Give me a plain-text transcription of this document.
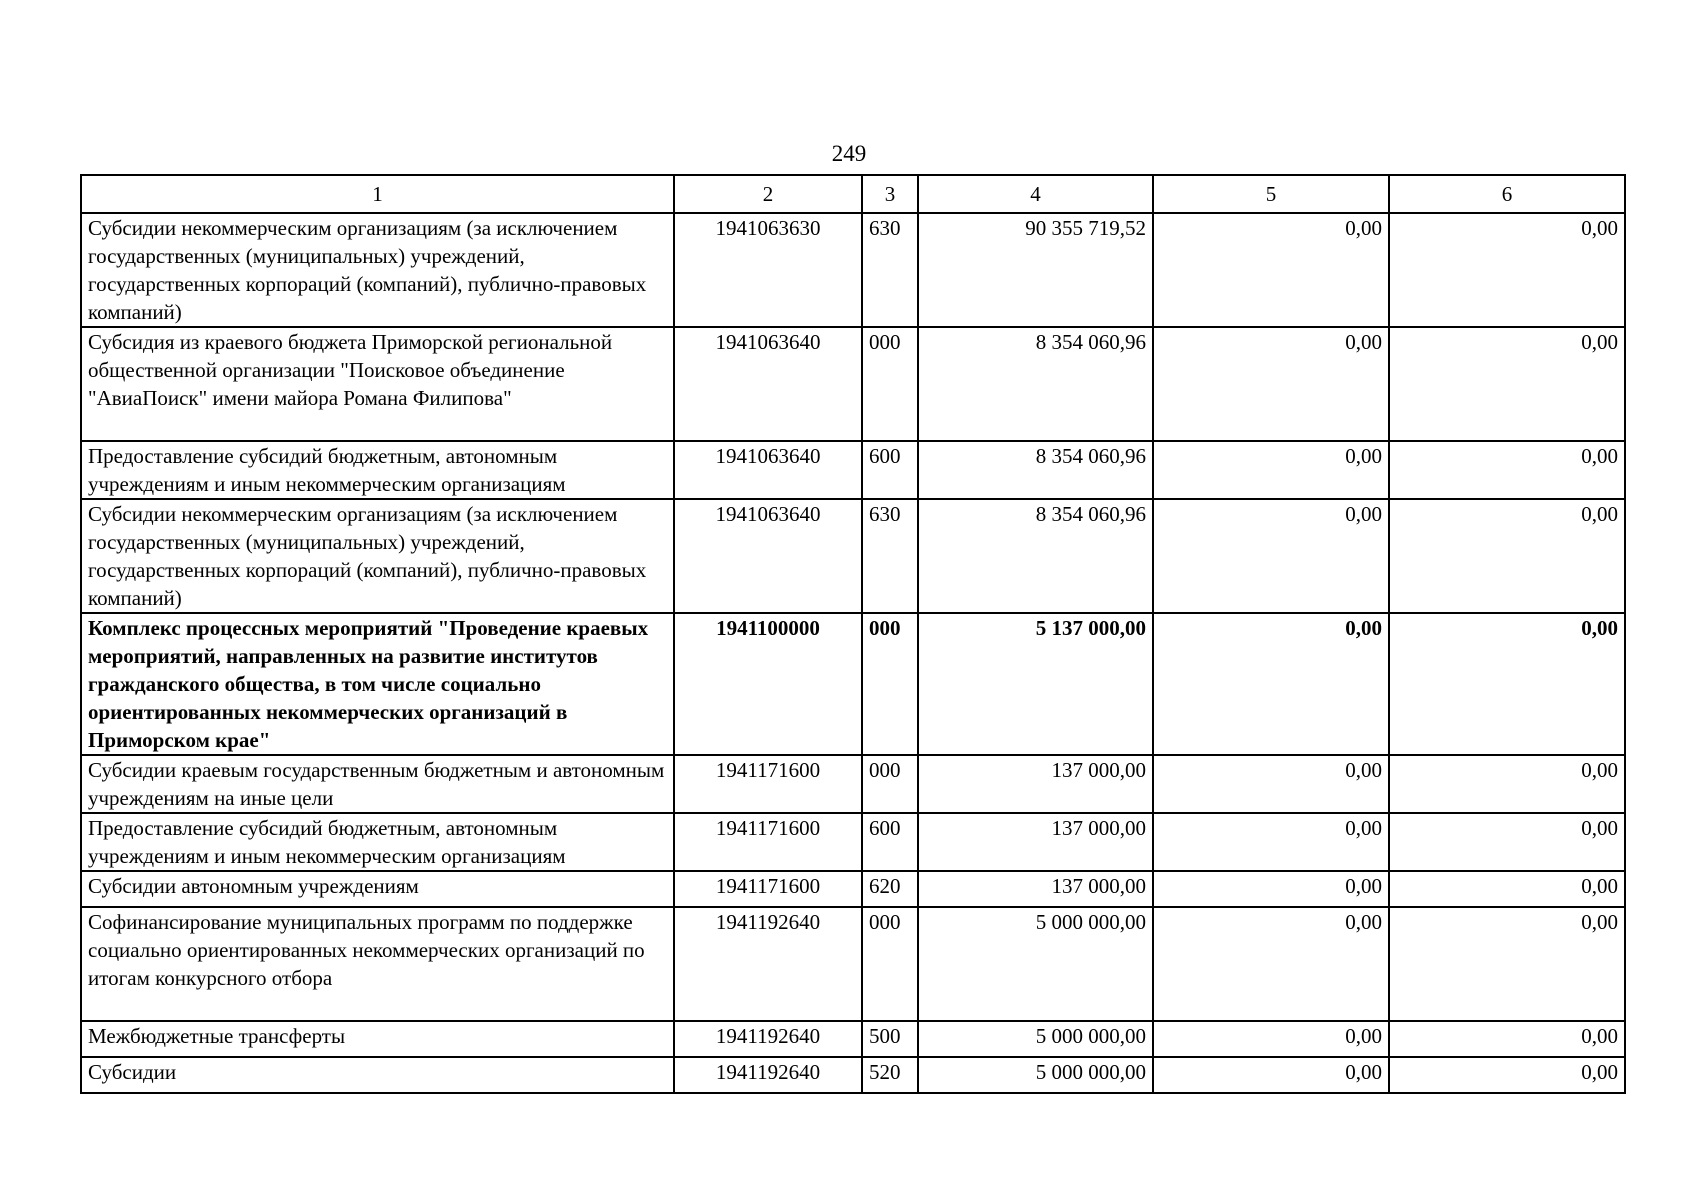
249
1	2	3	4	5	6
Субсидии некоммерческим организациям (за исключением государственных (муниципальных) учреждений, государственных корпораций (компаний), публично-правовых компаний)	1941063630	630	90 355 719,52	0,00	0,00
Субсидия из краевого бюджета Приморской региональной общественной организации "Поисковое объединение "АвиаПоиск" имени майора Романа Филипова"	1941063640	000	8 354 060,96	0,00	0,00
Предоставление субсидий бюджетным, автономным учреждениям и иным некоммерческим организациям	1941063640	600	8 354 060,96	0,00	0,00
Субсидии некоммерческим организациям (за исключением государственных (муниципальных) учреждений, государственных корпораций (компаний), публично-правовых компаний)	1941063640	630	8 354 060,96	0,00	0,00
Комплекс процессных мероприятий "Проведение краевых мероприятий, направленных на развитие институтов гражданского общества, в том числе социально ориентированных некоммерческих организаций в Приморском крае"	1941100000	000	5 137 000,00	0,00	0,00
Субсидии краевым государственным бюджетным и автономным учреждениям на иные цели	1941171600	000	137 000,00	0,00	0,00
Предоставление субсидий бюджетным, автономным учреждениям и иным некоммерческим организациям	1941171600	600	137 000,00	0,00	0,00
Субсидии автономным учреждениям	1941171600	620	137 000,00	0,00	0,00
Софинансирование муниципальных программ по поддержке социально ориентированных некоммерческих организаций по итогам конкурсного отбора	1941192640	000	5 000 000,00	0,00	0,00
Межбюджетные трансферты	1941192640	500	5 000 000,00	0,00	0,00
Субсидии	1941192640	520	5 000 000,00	0,00	0,00
